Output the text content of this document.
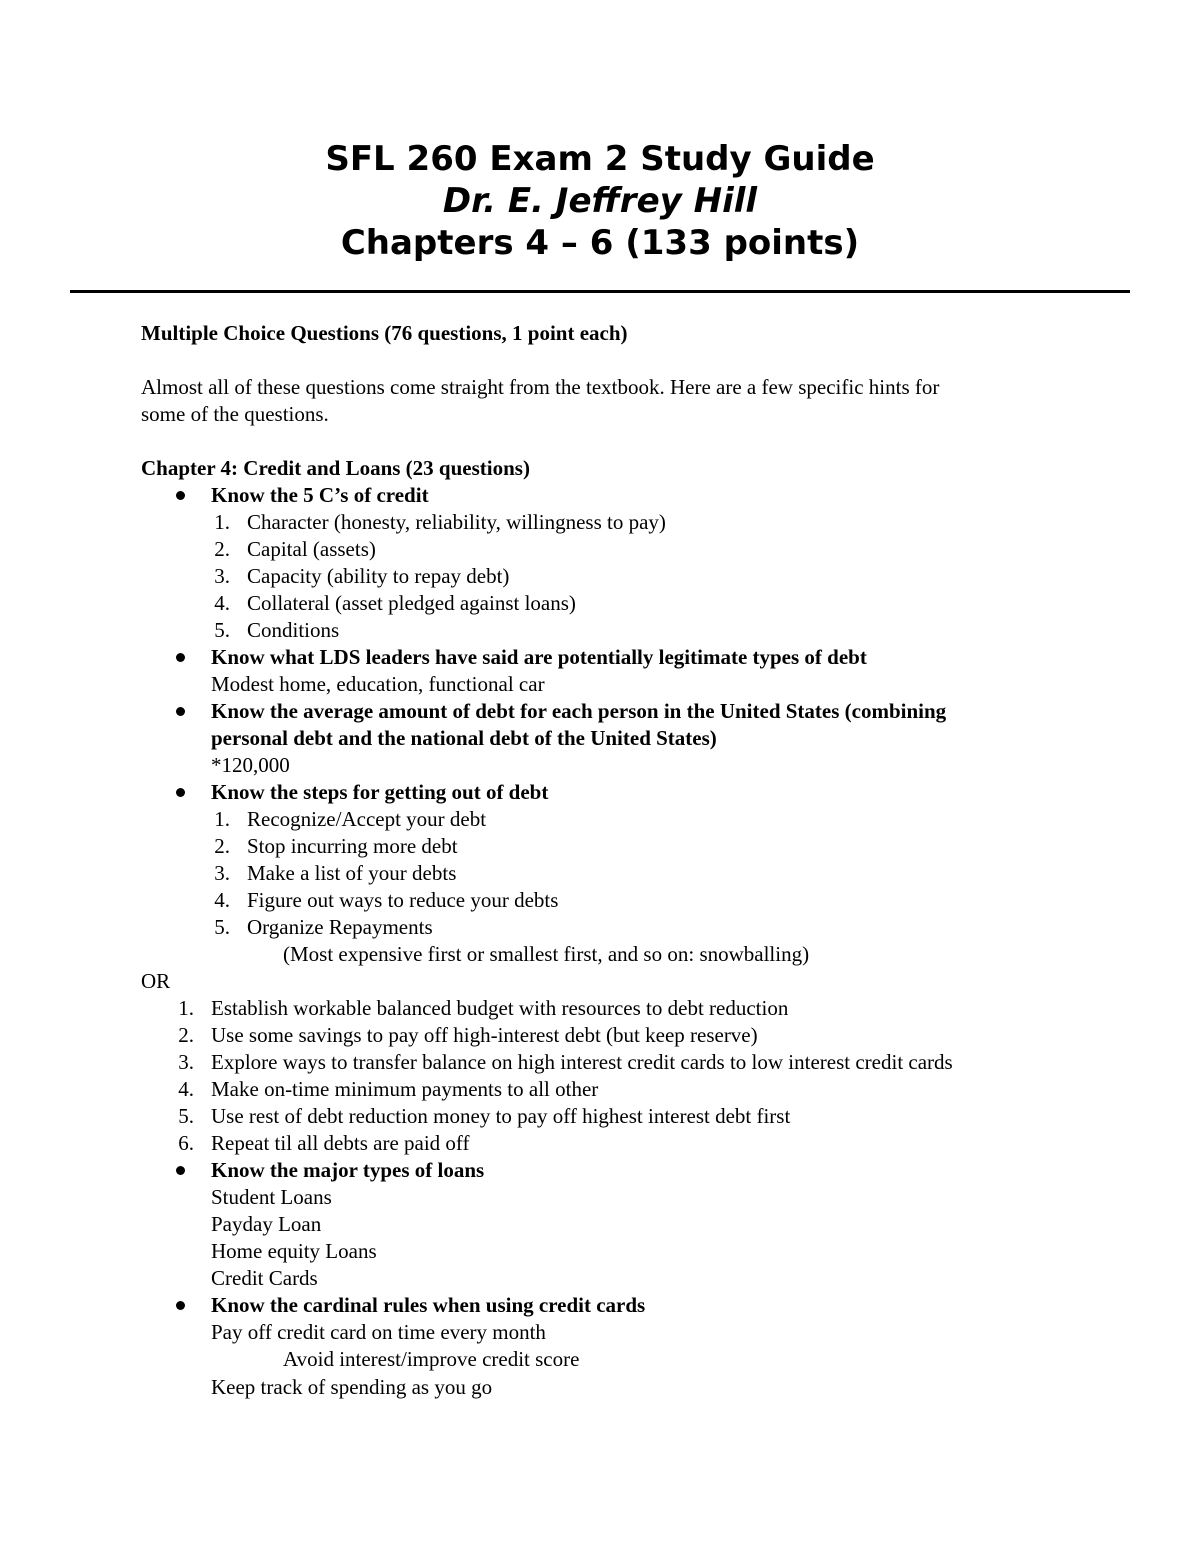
SFL 260 Exam 2 Study Guide
Dr. E. Jeffrey Hill
Chapters 4 – 6 (133 points)
Multiple Choice Questions (76 questions, 1 point each)
Almost all of these questions come straight from the textbook. Here are a few specific hints for
some of the questions.
Chapter 4: Credit and Loans (23 questions)
Know the 5 C’s of credit
1. Character (honesty, reliability, willingness to pay)
2. Capital (assets)
3. Capacity (ability to repay debt)
4. Collateral (asset pledged against loans)
5. Conditions
Know what LDS leaders have said are potentially legitimate types of debt
Modest home, education, functional car
Know the average amount of debt for each person in the United States (combining
personal debt and the national debt of the United States)
*120,000
Know the steps for getting out of debt
1. Recognize/Accept your debt
2. Stop incurring more debt
3. Make a list of your debts
4. Figure out ways to reduce your debts
5. Organize Repayments
(Most expensive first or smallest first, and so on: snowballing)
OR
1. Establish workable balanced budget with resources to debt reduction
2. Use some savings to pay off high-interest debt (but keep reserve)
3. Explore ways to transfer balance on high interest credit cards to low interest credit cards
4. Make on-time minimum payments to all other
5. Use rest of debt reduction money to pay off highest interest debt first
6. Repeat til all debts are paid off
Know the major types of loans
Student Loans
Payday Loan
Home equity Loans
Credit Cards
Know the cardinal rules when using credit cards
Pay off credit card on time every month
Avoid interest/improve credit score
Keep track of spending as you go
